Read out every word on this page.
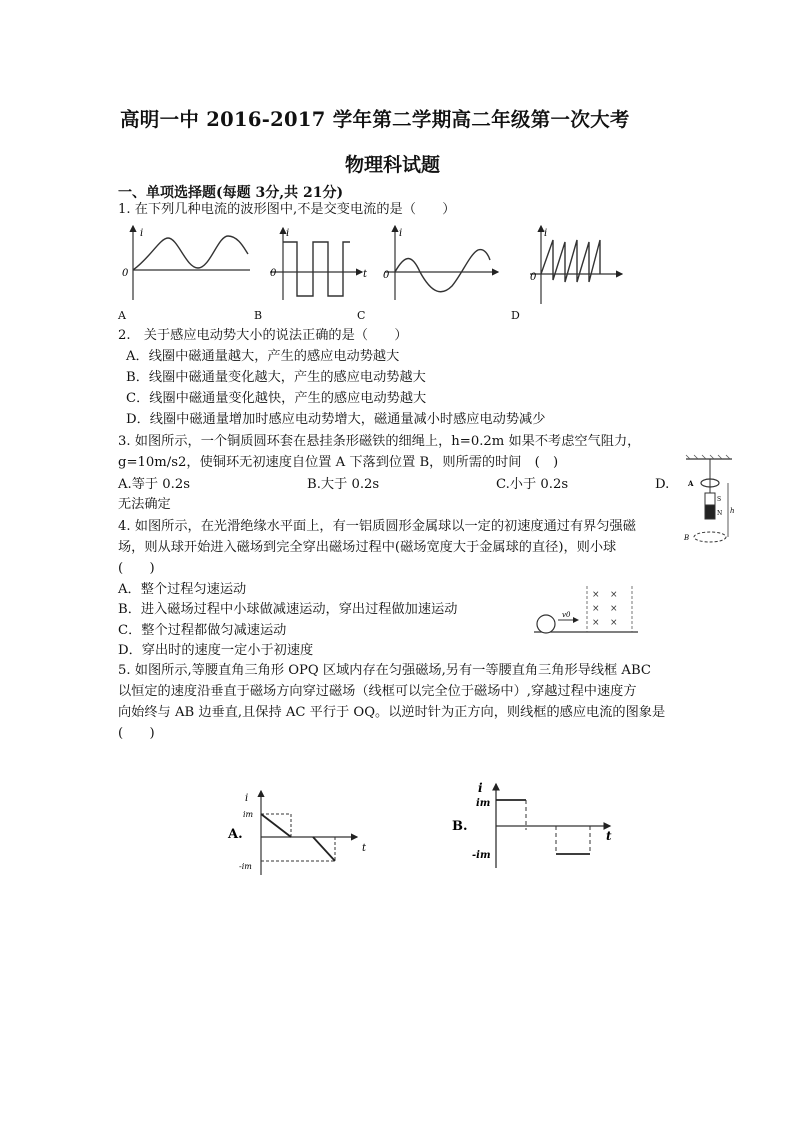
高明一中 2016-2017 学年第二学期高二年级第一次大考
物理科试题
一、单项选择题(每题 3分,共 21分)
1. 在下列几种电流的波形图中,不是交变电流的是（　　）
i
0
i
0	t
i
0
i
0
A	B	C	D
2.　关于感应电动势大小的说法正确的是（　　）
A．线圈中磁通量越大，产生的感应电动势越大
B．线圈中磁通量变化越大，产生的感应电动势越大
C．线圈中磁通量变化越快，产生的感应电动势越大
D．线圈中磁通量增加时感应电动势增大，磁通量减小时感应电动势减少
3. 如图所示，一个铜质圆环套在悬挂条形磁铁的细绳上，h=0.2m 如果不考虑空气阻力，
g=10m/s2，使铜环无初速度自位置 A 下落到位置 B，则所需的时间　(　)
A.等于 0.2s	B.大于 0.2s	C.小于 0.2s	D.
无法确定
A
B
S
N h
4. 如图所示，在光滑绝缘水平面上，有一铝质圆形金属球以一定的初速度通过有界匀强磁
场，则从球开始进入磁场到完全穿出磁场过程中(磁场宽度大于金属球的直径)，则小球
(　　)
A．整个过程匀速运动
B．进入磁场过程中小球做减速运动，穿出过程做加速运动
C．整个过程都做匀减速运动
D．穿出时的速度一定小于初速度
× ×
× ×
× ×
v0
5. 如图所示,等腰直角三角形 OPQ 区域内存在匀强磁场,另有一等腰直角三角形导线框 ABC
以恒定的速度沿垂直于磁场方向穿过磁场（线框可以完全位于磁场中）,穿越过程中速度方
向始终与 AB 边垂直,且保持 AC 平行于 OQ。以逆时针为正方向，则线框的感应电流的图象是
(　　)
A.
i
t
im
-im
B.
i
t
im
-im
